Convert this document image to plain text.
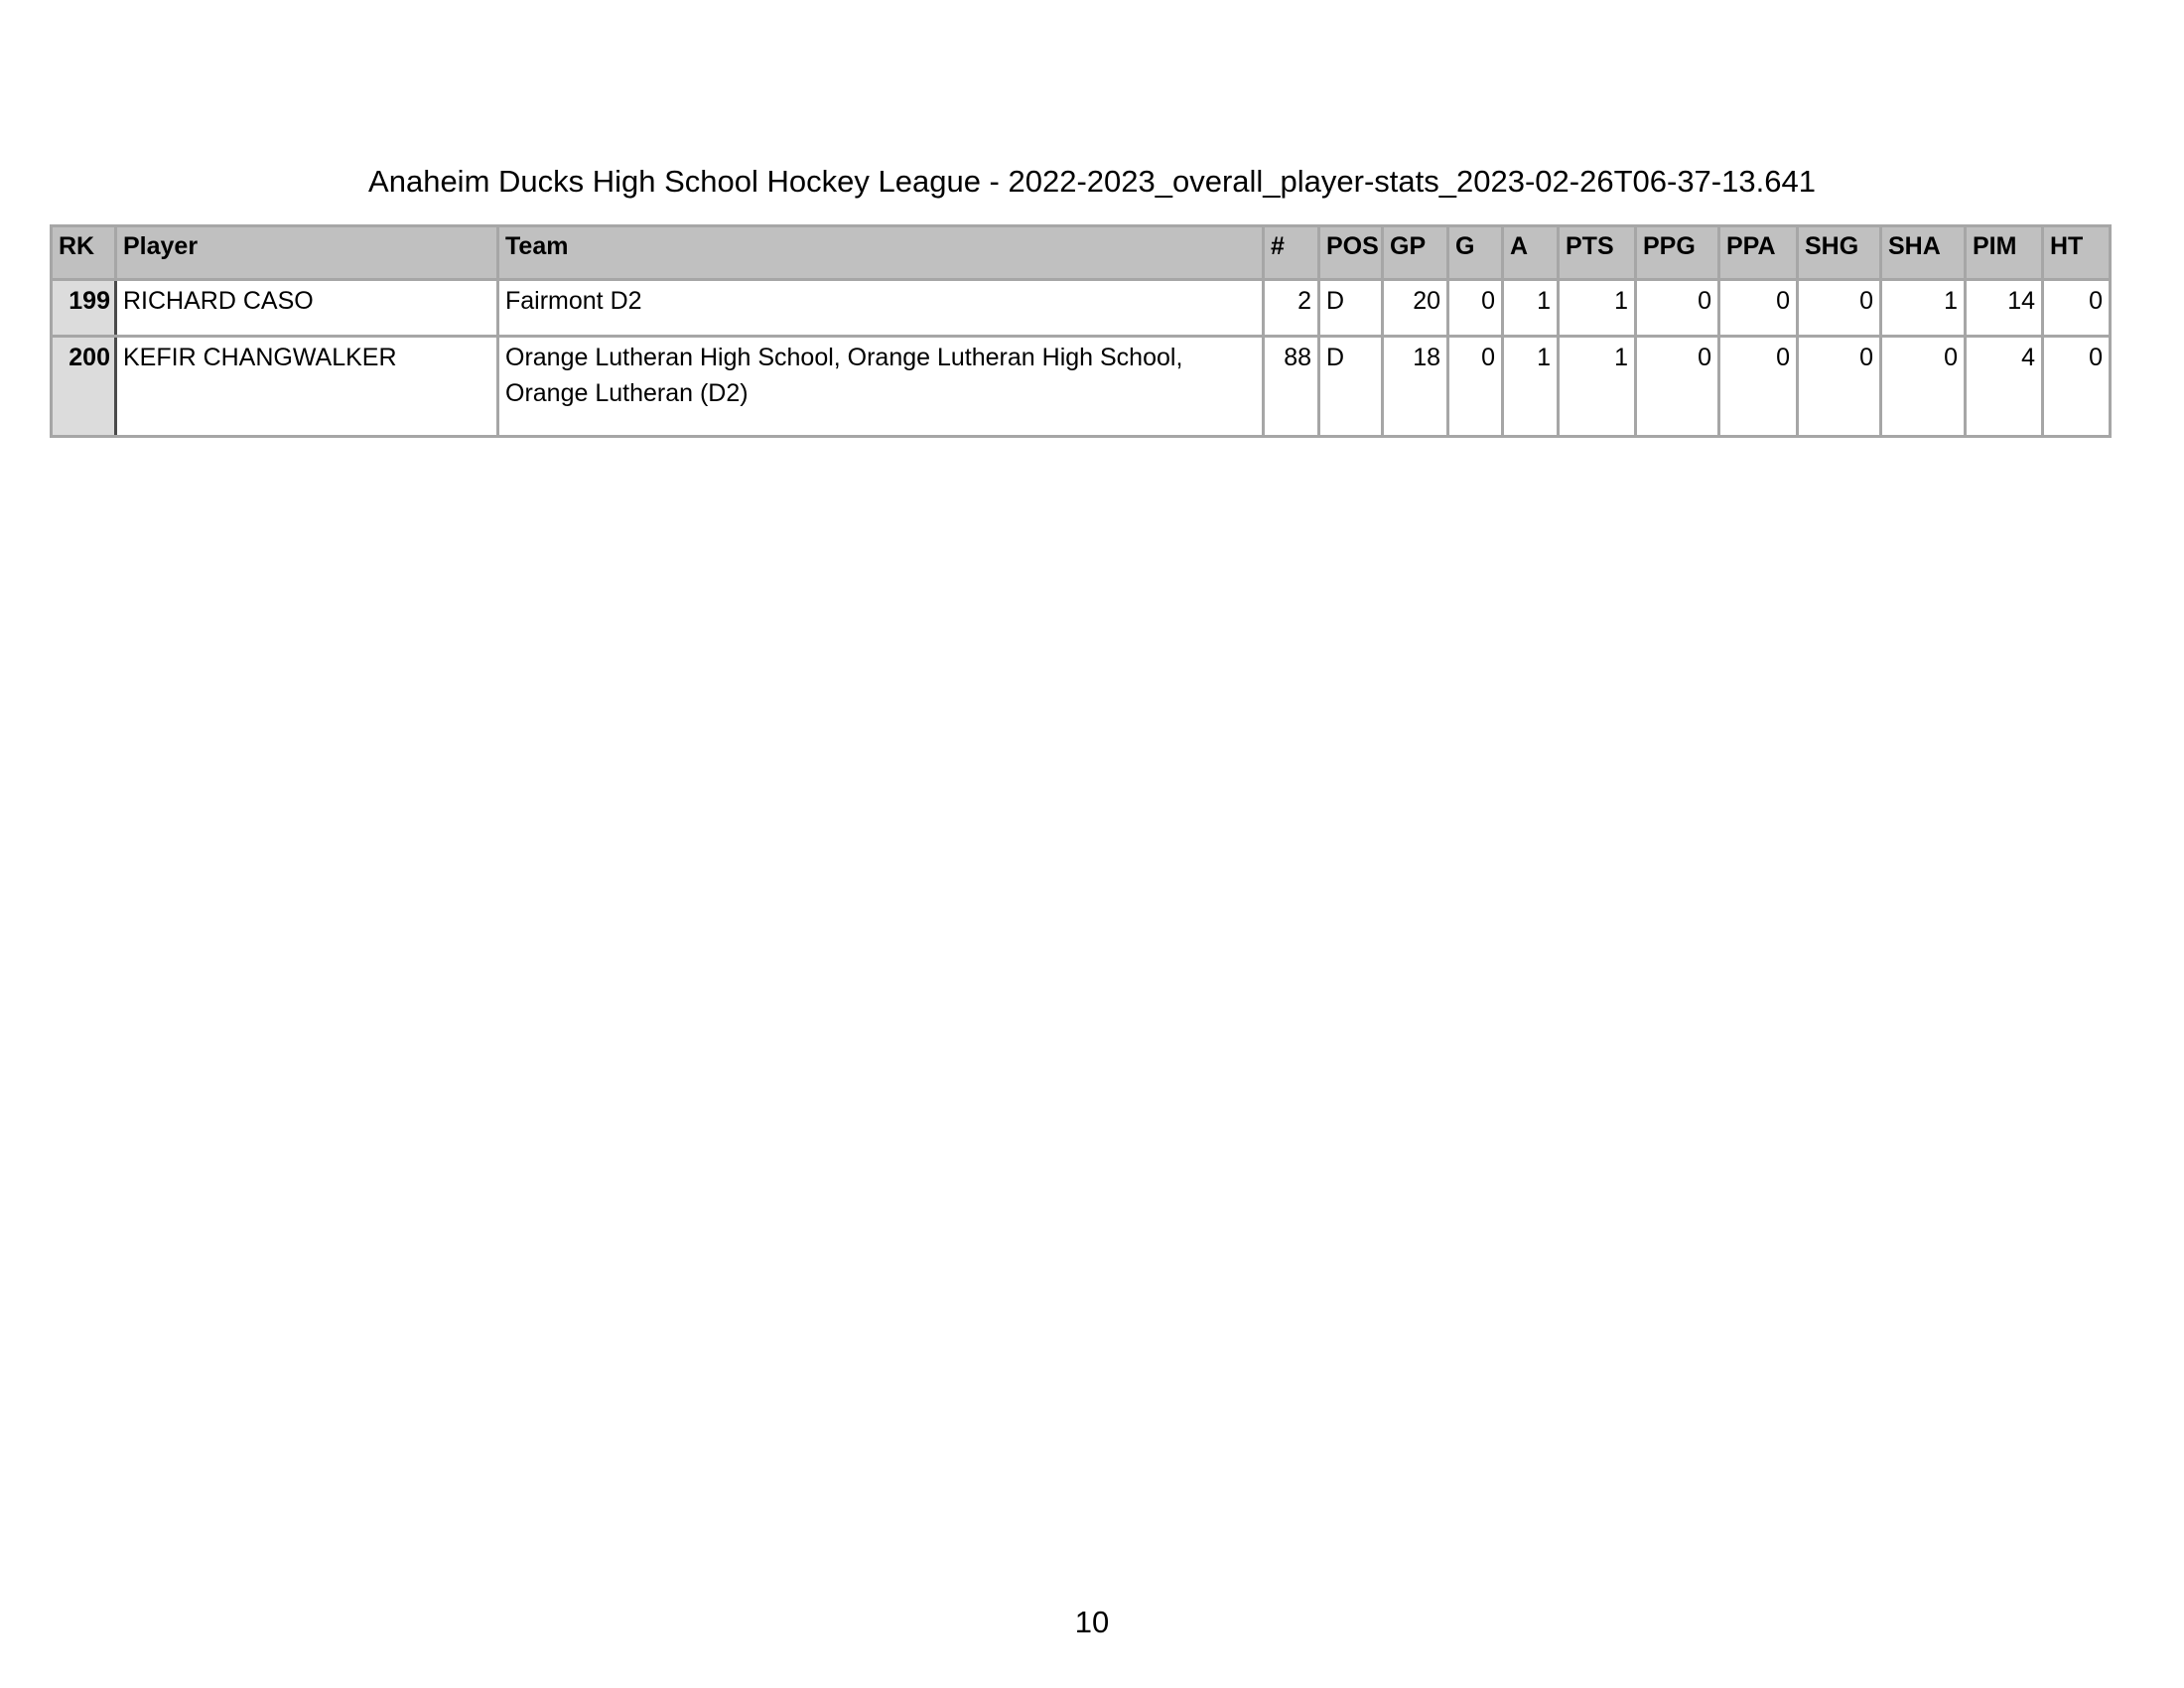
Anaheim Ducks High School Hockey League - 2022-2023_overall_player-stats_2023-02-26T06-37-13.641
RK	Player	Team	#	POS	GP	G	A	PTS	PPG	PPA	SHG	SHA	PIM	HT
199	RICHARD CASO	Fairmont D2	2	D	20	0	1	1	0	0	0	1	14	0
200	KEFIR CHANGWALKER	Orange Lutheran High School, Orange Lutheran High School, Orange Lutheran (D2)	88	D	18	0	1	1	0	0	0	0	4	0
10
